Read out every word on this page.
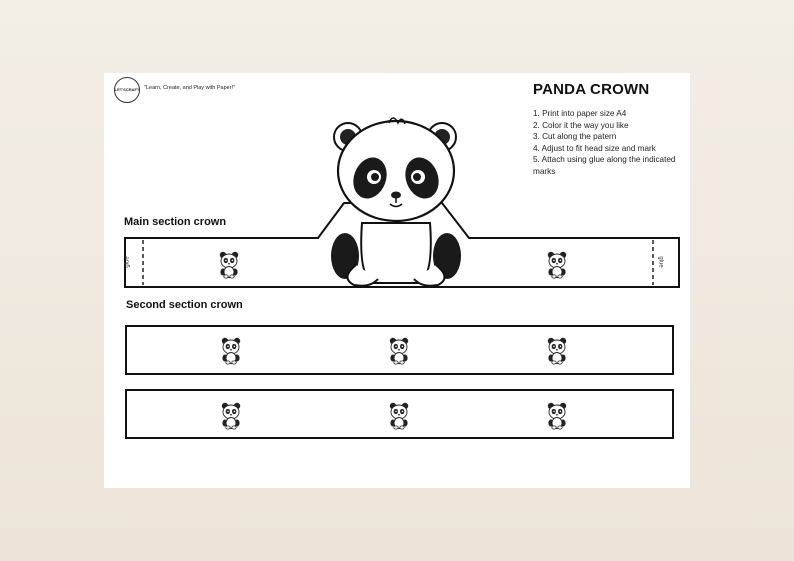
LET'SCRAFT "Learn, Create, and Play with Paper!"	PANDA CROWN
1. Print into paper size A4
2. Color it the way you like
3. Cut along the patern
4. Adjust to fit head size and mark
5. Attach using glue along the indicated marks
Main section crown
Second section crown
glue	glue
